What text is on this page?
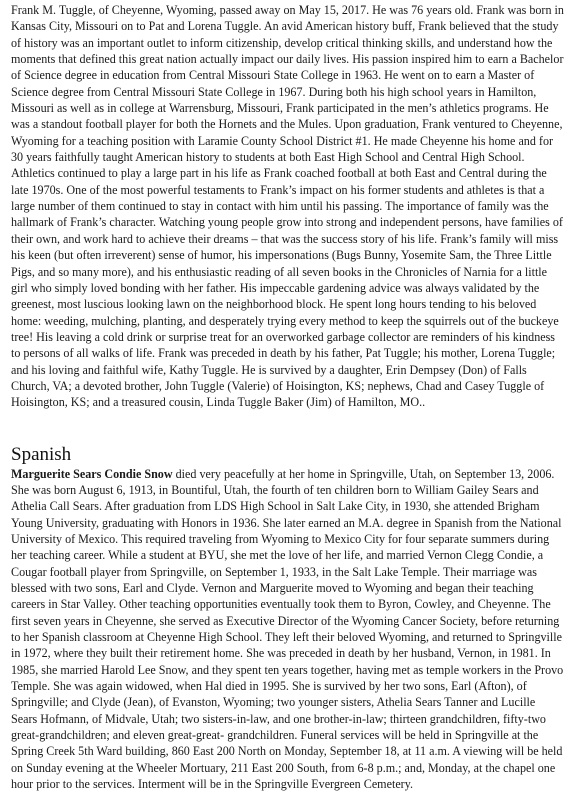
Frank M. Tuggle, of Cheyenne, Wyoming, passed away on May 15, 2017. He was 76 years old. Frank was born in Kansas City, Missouri on to Pat and Lorena Tuggle. An avid American history buff, Frank believed that the study of history was an important outlet to inform citizenship, develop critical thinking skills, and understand how the moments that defined this great nation actually impact our daily lives. His passion inspired him to earn a Bachelor of Science degree in education from Central Missouri State College in 1963. He went on to earn a Master of Science degree from Central Missouri State College in 1967. During both his high school years in Hamilton, Missouri as well as in college at Warrensburg, Missouri, Frank participated in the men’s athletics programs. He was a standout football player for both the Hornets and the Mules. Upon graduation, Frank ventured to Cheyenne, Wyoming for a teaching position with Laramie County School District #1. He made Cheyenne his home and for 30 years faithfully taught American history to students at both East High School and Central High School. Athletics continued to play a large part in his life as Frank coached football at both East and Central during the late 1970s. One of the most powerful testaments to Frank’s impact on his former students and athletes is that a large number of them continued to stay in contact with him until his passing. The importance of family was the hallmark of Frank’s character. Watching young people grow into strong and independent persons, have families of their own, and work hard to achieve their dreams – that was the success story of his life. Frank’s family will miss his keen (but often irreverent) sense of humor, his impersonations (Bugs Bunny, Yosemite Sam, the Three Little Pigs, and so many more), and his enthusiastic reading of all seven books in the Chronicles of Narnia for a little girl who simply loved bonding with her father. His impeccable gardening advice was always validated by the greenest, most luscious looking lawn on the neighborhood block. He spent long hours tending to his beloved home: weeding, mulching, planting, and desperately trying every method to keep the squirrels out of the buckeye tree! His leaving a cold drink or surprise treat for an overworked garbage collector are reminders of his kindness to persons of all walks of life. Frank was preceded in death by his father, Pat Tuggle; his mother, Lorena Tuggle; and his loving and faithful wife, Kathy Tuggle. He is survived by a daughter, Erin Dempsey (Don) of Falls Church, VA; a devoted brother, John Tuggle (Valerie) of Hoisington, KS; nephews, Chad and Casey Tuggle of Hoisington, KS; and a treasured cousin, Linda Tuggle Baker (Jim) of Hamilton, MO..

Spanish

Marguerite Sears Condie Snow died very peacefully at her home in Springville, Utah, on September 13, 2006. She was born August 6, 1913, in Bountiful, Utah, the fourth of ten children born to William Gailey Sears and Athelia Call Sears. After graduation from LDS High School in Salt Lake City, in 1930, she attended Brigham Young University, graduating with Honors in 1936. She later earned an M.A. degree in Spanish from the National University of Mexico. This required traveling from Wyoming to Mexico City for four separate summers during her teaching career. While a student at BYU, she met the love of her life, and married Vernon Clegg Condie, a Cougar football player from Springville, on September 1, 1933, in the Salt Lake Temple. Their marriage was blessed with two sons, Earl and Clyde. Vernon and Marguerite moved to Wyoming and began their teaching careers in Star Valley. Other teaching opportunities eventually took them to Byron, Cowley, and Cheyenne. The first seven years in Cheyenne, she served as Executive Director of the Wyoming Cancer Society, before returning to her Spanish classroom at Cheyenne High School. They left their beloved Wyoming, and returned to Springville in 1972, where they built their retirement home. She was preceded in death by her husband, Vernon, in 1981. In 1985, she married Harold Lee Snow, and they spent ten years together, having met as temple workers in the Provo Temple. She was again widowed, when Hal died in 1995. She is survived by her two sons, Earl (Afton), of Springville; and Clyde (Jean), of Evanston, Wyoming; two younger sisters, Athelia Sears Tanner and Lucille Sears Hofmann, of Midvale, Utah; two sisters-in-law, and one brother-in-law; thirteen grandchildren, fifty-two great-grandchildren; and eleven great-great- grandchildren. Funeral services will be held in Springville at the Spring Creek 5th Ward building, 860 East 200 North on Monday, September 18, at 11 a.m. A viewing will be held on Sunday evening at the Wheeler Mortuary, 211 East 200 South, from 6-8 p.m.; and, Monday, at the chapel one hour prior to the services. Interment will be in the Springville Evergreen Cemetery.
